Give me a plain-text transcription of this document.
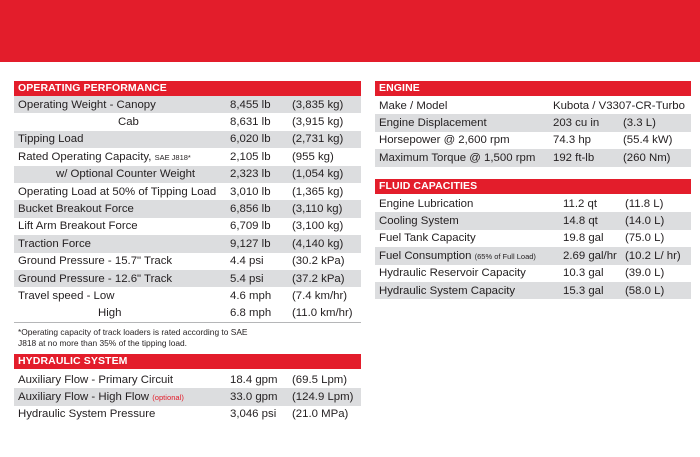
OPERATING PERFORMANCE
Operating Weight - Canopy	8,455 lb	(3,835 kg)
Cab	8,631 lb	(3,915 kg)
Tipping Load	6,020 lb	(2,731 kg)
Rated Operating Capacity, SAE J818*	2,105 lb	(955 kg)
w/ Optional Counter Weight	2,323 lb	(1,054 kg)
Operating Load at 50% of Tipping Load	3,010 lb	(1,365 kg)
Bucket Breakout Force	6,856 lb	(3,110 kg)
Lift Arm Breakout Force	6,709 lb	(3,100 kg)
Traction Force	9,127 lb	(4,140 kg)
Ground Pressure - 15.7" Track	4.4 psi	(30.2 kPa)
Ground Pressure - 12.6" Track	5.4 psi	(37.2 kPa)
Travel speed - Low	4.6 mph	(7.4 km/hr)
High	6.8 mph	(11.0 km/hr)
*Operating capacity of track loaders is rated according to SAE
J818 at no more than 35% of the tipping load.
HYDRAULIC SYSTEM
Auxiliary Flow - Primary Circuit	18.4 gpm	(69.5 Lpm)
Auxiliary Flow - High Flow (optional)	33.0 gpm	(124.9 Lpm)
Hydraulic System Pressure	3,046 psi	(21.0 MPa)
ENGINE
Make / Model	Kubota / V3307-CR-Turbo
Engine Displacement	203 cu in	(3.3 L)
Horsepower @ 2,600 rpm	74.3 hp	(55.4 kW)
Maximum Torque @ 1,500 rpm	192 ft-lb	(260 Nm)
FLUID CAPACITIES
Engine Lubrication	11.2 qt	(11.8 L)
Cooling System	14.8 qt	(14.0 L)
Fuel Tank Capacity	19.8 gal	(75.0 L)
Fuel Consumption (65% of Full Load)	2.69 gal/hr (10.2 L/ hr)
Hydraulic Reservoir Capacity	10.3 gal	(39.0 L)
Hydraulic System Capacity	15.3 gal	(58.0 L)
